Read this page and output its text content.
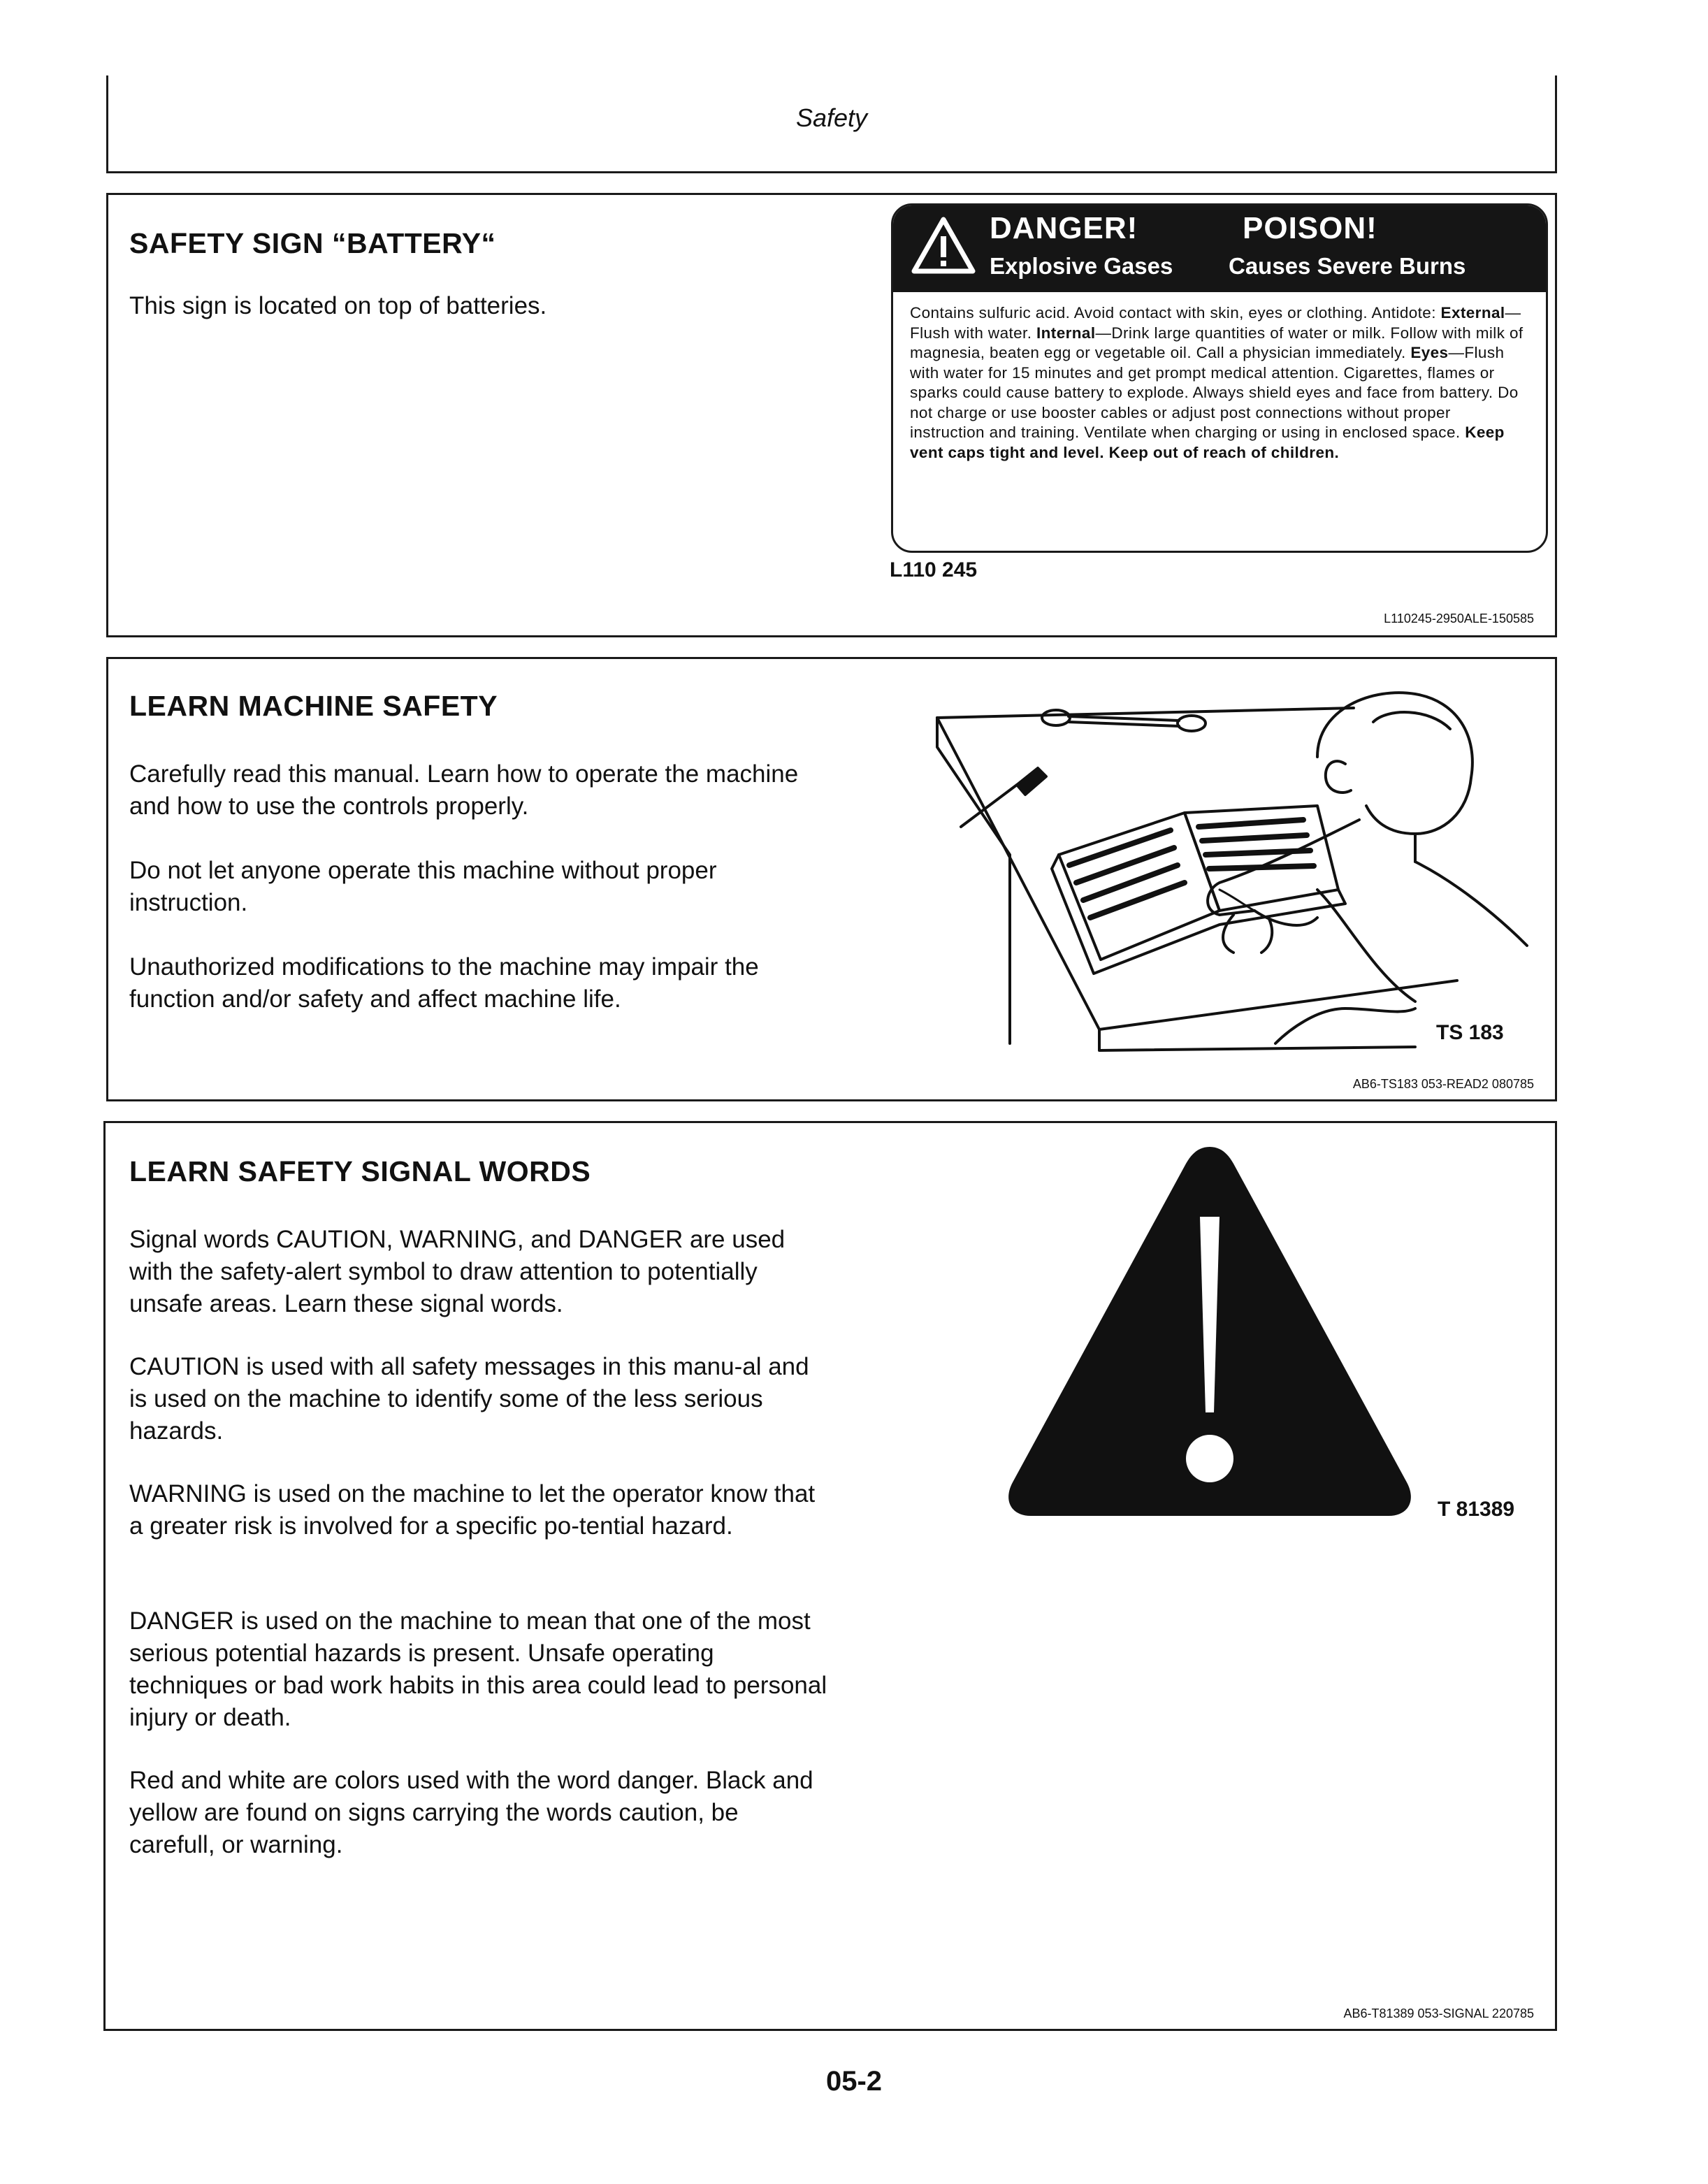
Safety
SAFETY SIGN “BATTERY“

This sign is located on top of batteries.

DANGER!	POISON!
Explosive Gases Causes Severe Burns

Contains sulfuric acid. Avoid contact with skin, eyes or clothing. Antidote: External—Flush with water. Internal—Drink large quantities of water or milk. Follow with milk of magnesia, beaten egg or vegetable oil. Call a physician immediately. Eyes—Flush with water for 15 minutes and get prompt medical attention. Cigarettes, flames or sparks could cause battery to explode. Always shield eyes and face from battery. Do not charge or use booster cables or adjust post connections without proper instruction and training. Ventilate when charging or using in enclosed space. Keep vent caps tight and level. Keep out of reach of children.

L110 245
L110245-2950ALE-150585
LEARN MACHINE SAFETY

Carefully read this manual. Learn how to operate the machine and how to use the controls properly.

Do not let anyone operate this machine without proper instruction.

Unauthorized modifications to the machine may impair the function and/or safety and affect machine life.

TS 183
AB6-TS183 053-READ2 080785
LEARN SAFETY SIGNAL WORDS

Signal words CAUTION, WARNING, and DANGER are used with the safety-alert symbol to draw attention to potentially unsafe areas. Learn these signal words.

CAUTION is used with all safety messages in this manu-al and is used on the machine to identify some of the less serious hazards.

WARNING is used on the machine to let the operator know that a greater risk is involved for a specific po-tential hazard.

DANGER is used on the machine to mean that one of the most serious potential hazards is present. Unsafe operating techniques or bad work habits in this area could lead to personal injury or death.

Red and white are colors used with the word danger. Black and yellow are found on signs carrying the words caution, be carefull, or warning.

T 81389
AB6-T81389 053-SIGNAL 220785
05-2
